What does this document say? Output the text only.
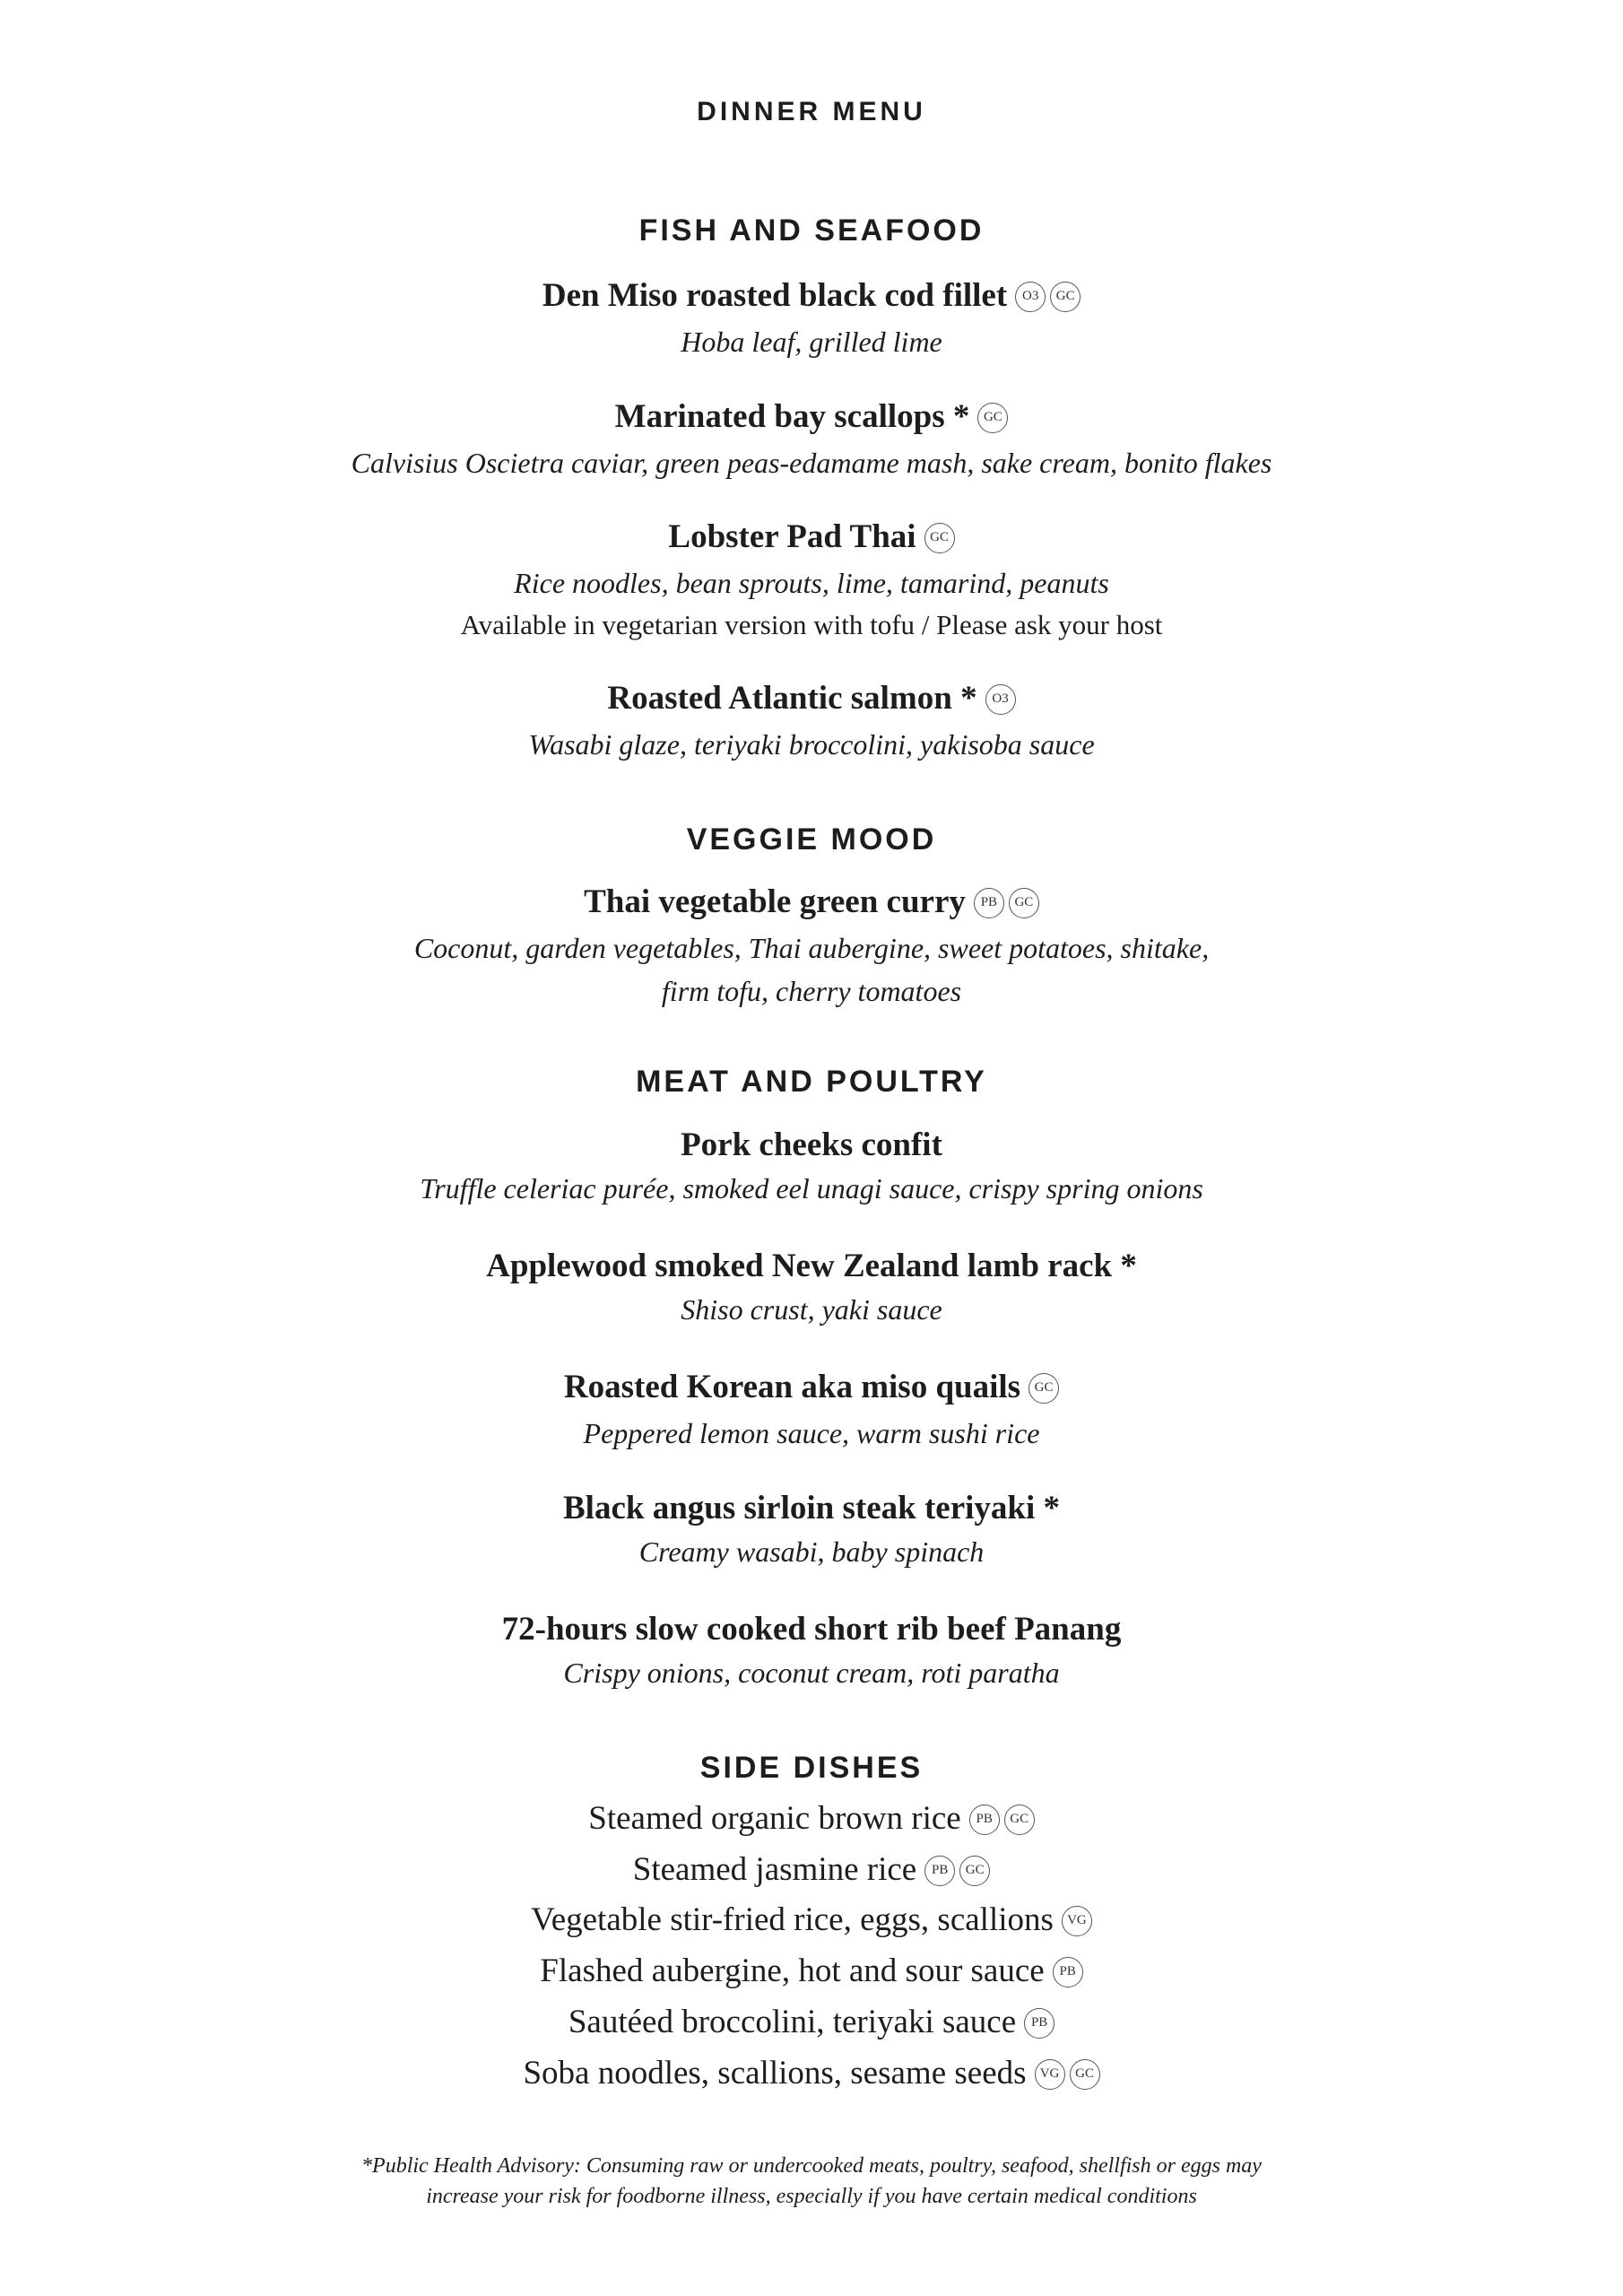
DINNER MENU
FISH AND SEAFOOD
Den Miso roasted black cod fillet O3 GC
Hoba leaf, grilled lime
Marinated bay scallops * GC
Calvisius Oscietra caviar, green peas-edamame mash, sake cream, bonito flakes
Lobster Pad Thai GC
Rice noodles, bean sprouts, lime, tamarind, peanuts
Available in vegetarian version with tofu / Please ask your host
Roasted Atlantic salmon * O3
Wasabi glaze, teriyaki broccolini, yakisoba sauce
VEGGIE MOOD
Thai vegetable green curry PB GC
Coconut, garden vegetables, Thai aubergine, sweet potatoes, shitake,
firm tofu, cherry tomatoes
MEAT AND POULTRY
Pork cheeks confit
Truffle celeriac purée, smoked eel unagi sauce, crispy spring onions
Applewood smoked New Zealand lamb rack *
Shiso crust, yaki sauce
Roasted Korean aka miso quails GC
Peppered lemon sauce, warm sushi rice
Black angus sirloin steak teriyaki *
Creamy wasabi, baby spinach
72-hours slow cooked short rib beef Panang
Crispy onions, coconut cream, roti paratha
SIDE DISHES
Steamed organic brown rice PB GC
Steamed jasmine rice PB GC
Vegetable stir-fried rice, eggs, scallions VG
Flashed aubergine, hot and sour sauce PB
Sautéed broccolini, teriyaki sauce PB
Soba noodles, scallions, sesame seeds VG GC
*Public Health Advisory: Consuming raw or undercooked meats, poultry, seafood, shellfish or eggs may
increase your risk for foodborne illness, especially if you have certain medical conditions
